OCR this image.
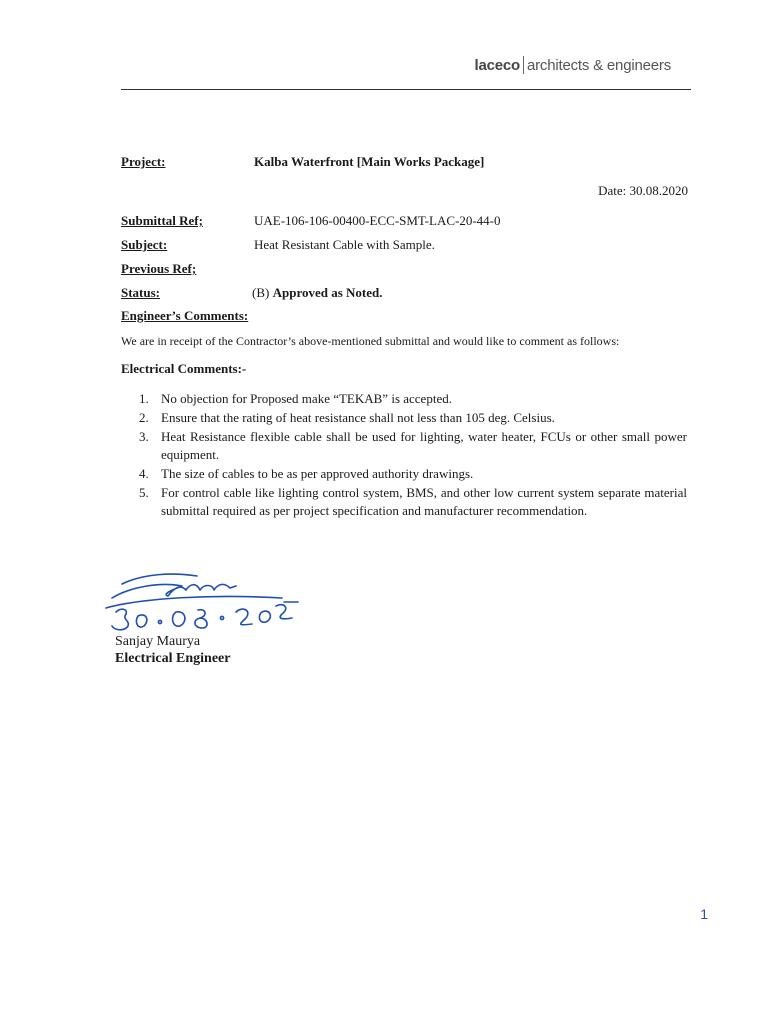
laceco architects & engineers
Project:	Kalba Waterfront [Main Works Package]
Date: 30.08.2020
Submittal Ref;	UAE-106-106-00400-ECC-SMT-LAC-20-44-0
Subject:	Heat Resistant Cable with Sample.
Previous Ref;
Status:	(B) Approved as Noted.
Engineer’s Comments:
We are in receipt of the Contractor’s above-mentioned submittal and would like to comment as follows:
Electrical Comments:-
1. No objection for Proposed make “TEKAB” is accepted.
2. Ensure that the rating of heat resistance shall not less than 105 deg. Celsius.
3. Heat Resistance flexible cable shall be used for lighting, water heater, FCUs or other small power equipment.
4. The size of cables to be as per approved authority drawings.
5. For control cable like lighting control system, BMS, and other low current system separate material submittal required as per project specification and manufacturer recommendation.
Sanjay Maurya
Electrical Engineer
1
